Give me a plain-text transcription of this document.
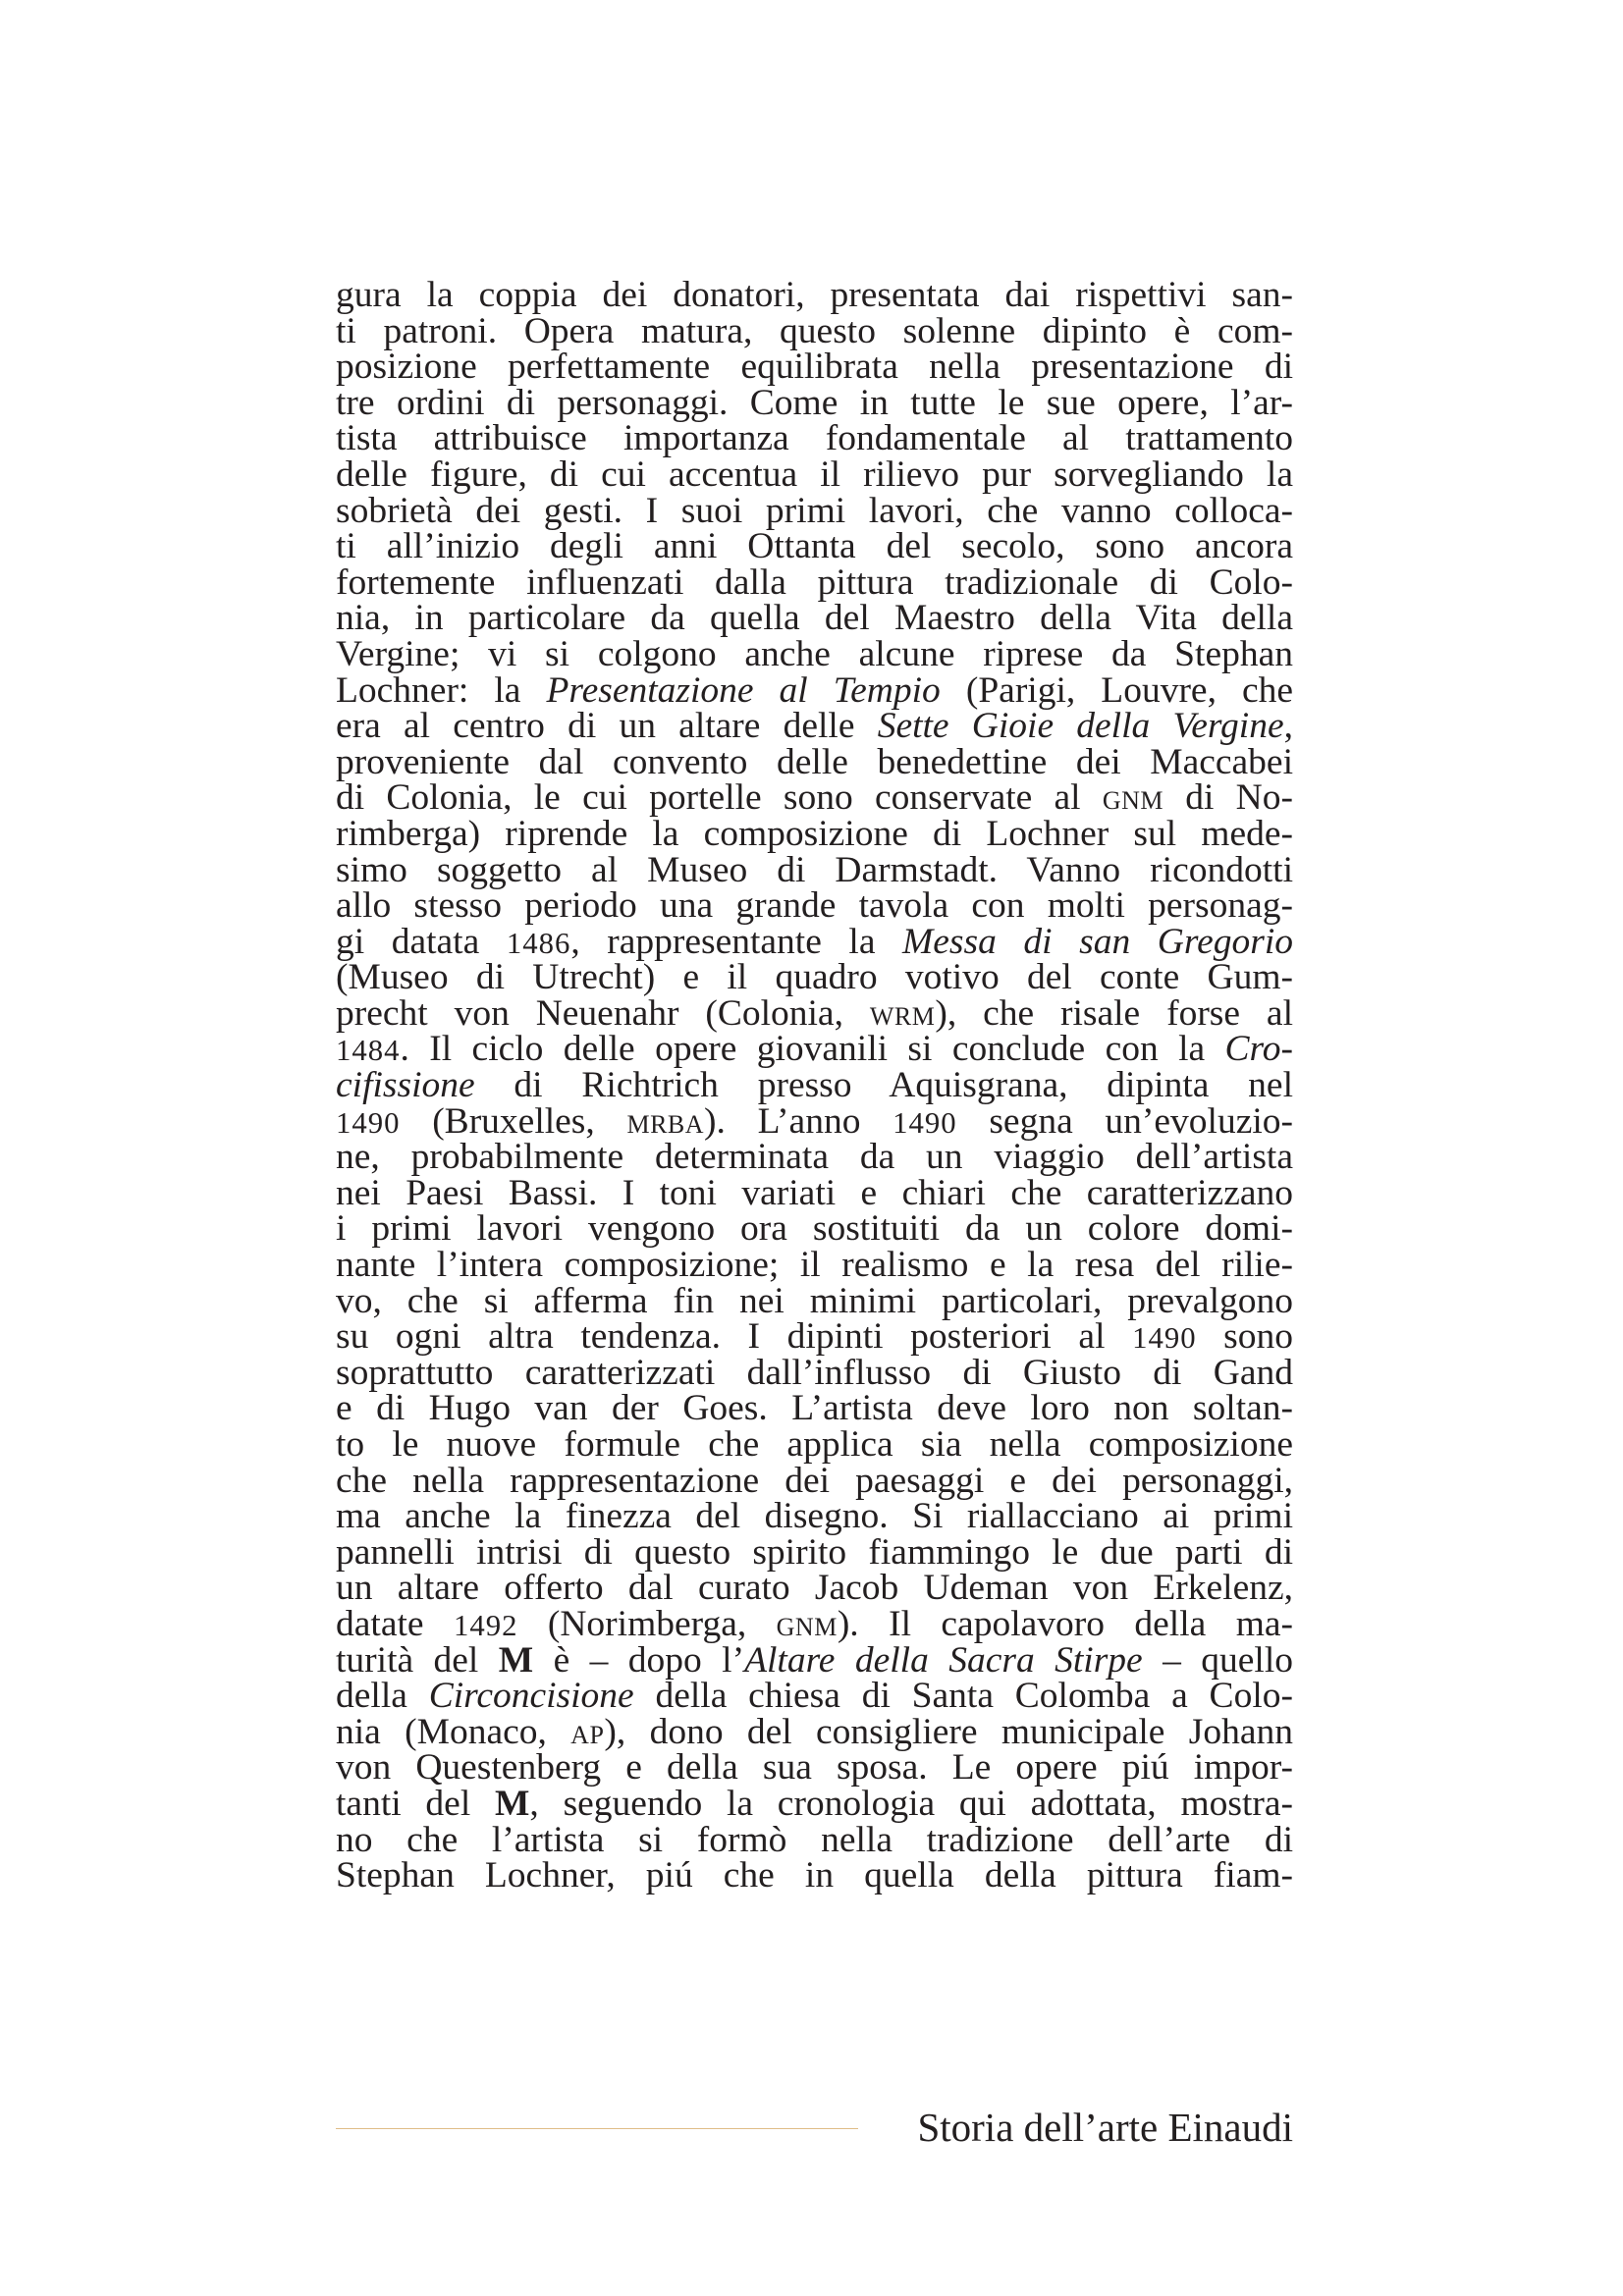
gura la coppia dei donatori, presentata dai rispettivi san-
ti patroni. Opera matura, questo solenne dipinto è com-
posizione perfettamente equilibrata nella presentazione di
tre ordini di personaggi. Come in tutte le sue opere, l’ar-
tista attribuisce importanza fondamentale al trattamento
delle figure, di cui accentua il rilievo pur sorvegliando la
sobrietà dei gesti. I suoi primi lavori, che vanno colloca-
ti all’inizio degli anni Ottanta del secolo, sono ancora
fortemente influenzati dalla pittura tradizionale di Colo-
nia, in particolare da quella del Maestro della Vita della
Vergine; vi si colgono anche alcune riprese da Stephan
Lochner: la Presentazione al Tempio (Parigi, Louvre, che
era al centro di un altare delle Sette Gioie della Vergine,
proveniente dal convento delle benedettine dei Maccabei
di Colonia, le cui portelle sono conservate al gnm di No-
rimberga) riprende la composizione di Lochner sul mede-
simo soggetto al Museo di Darmstadt. Vanno ricondotti
allo stesso periodo una grande tavola con molti personag-
gi datata 1486, rappresentante la Messa di san Gregorio
(Museo di Utrecht) e il quadro votivo del conte Gum-
precht von Neuenahr (Colonia, wrm), che risale forse al
1484. Il ciclo delle opere giovanili si conclude con la Cro-
cifissione di Richtrich presso Aquisgrana, dipinta nel
1490 (Bruxelles, mrba). L’anno 1490 segna un’evoluzio-
ne, probabilmente determinata da un viaggio dell’artista
nei Paesi Bassi. I toni variati e chiari che caratterizzano
i primi lavori vengono ora sostituiti da un colore domi-
nante l’intera composizione; il realismo e la resa del rilie-
vo, che si afferma fin nei minimi particolari, prevalgono
su ogni altra tendenza. I dipinti posteriori al 1490 sono
soprattutto caratterizzati dall’influsso di Giusto di Gand
e di Hugo van der Goes. L’artista deve loro non soltan-
to le nuove formule che applica sia nella composizione
che nella rappresentazione dei paesaggi e dei personaggi,
ma anche la finezza del disegno. Si riallacciano ai primi
pannelli intrisi di questo spirito fiammingo le due parti di
un altare offerto dal curato Jacob Udeman von Erkelenz,
datate 1492 (Norimberga, gnm). Il capolavoro della ma-
turità del M è – dopo l’Altare della Sacra Stirpe – quello
della Circoncisione della chiesa di Santa Colomba a Colo-
nia (Monaco, ap), dono del consigliere municipale Johann
von Questenberg e della sua sposa. Le opere piú impor-
tanti del M, seguendo la cronologia qui adottata, mostra-
no che l’artista si formò nella tradizione dell’arte di
Stephan Lochner, piú che in quella della pittura fiam-
Storia dell’arte Einaudi
